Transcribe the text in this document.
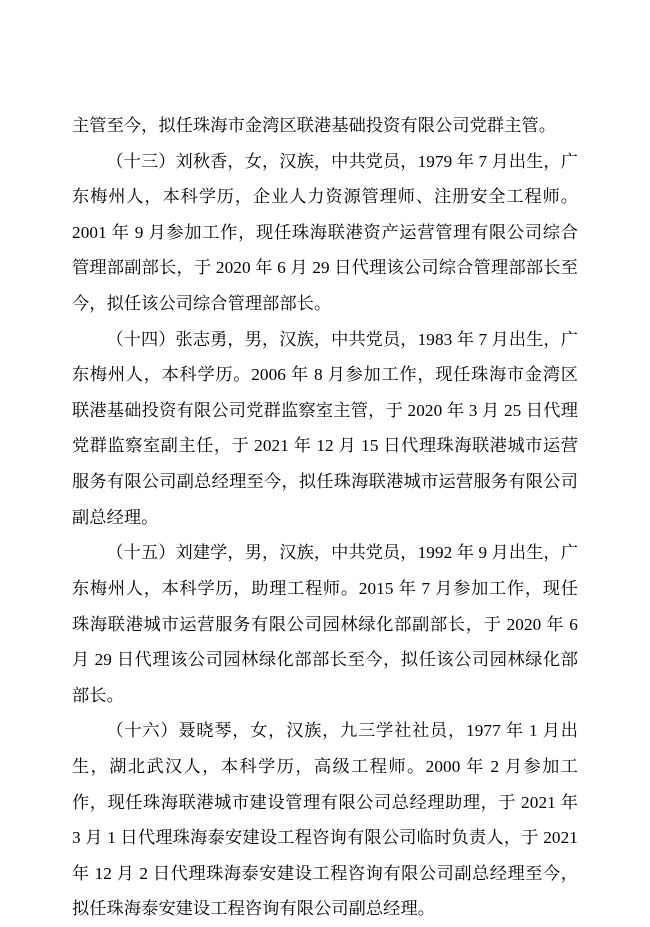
主管至今，拟任珠海市金湾区联港基础投资有限公司党群主管。

（十三）刘秋香，女，汉族，中共党员，1979 年 7 月出生，广东梅州人，本科学历，企业人力资源管理师、注册安全工程师。2001 年 9 月参加工作，现任珠海联港资产运营管理有限公司综合管理部副部长，于 2020 年 6 月 29 日代理该公司综合管理部部长至今，拟任该公司综合管理部部长。

（十四）张志勇，男，汉族，中共党员，1983 年 7 月出生，广东梅州人，本科学历。2006 年 8 月参加工作，现任珠海市金湾区联港基础投资有限公司党群监察室主管，于 2020 年 3 月 25 日代理党群监察室副主任，于 2021 年 12 月 15 日代理珠海联港城市运营服务有限公司副总经理至今，拟任珠海联港城市运营服务有限公司副总经理。

（十五）刘建学，男，汉族，中共党员，1992 年 9 月出生，广东梅州人，本科学历，助理工程师。2015 年 7 月参加工作，现任珠海联港城市运营服务有限公司园林绿化部副部长，于 2020 年 6 月 29 日代理该公司园林绿化部部长至今，拟任该公司园林绿化部部长。

（十六）聂晓琴，女，汉族，九三学社社员，1977 年 1 月出生，湖北武汉人，本科学历，高级工程师。2000 年 2 月参加工作，现任珠海联港城市建设管理有限公司总经理助理，于 2021 年 3 月 1 日代理珠海泰安建设工程咨询有限公司临时负责人，于 2021 年 12 月 2 日代理珠海泰安建设工程咨询有限公司副总经理至今，拟任珠海泰安建设工程咨询有限公司副总经理。
